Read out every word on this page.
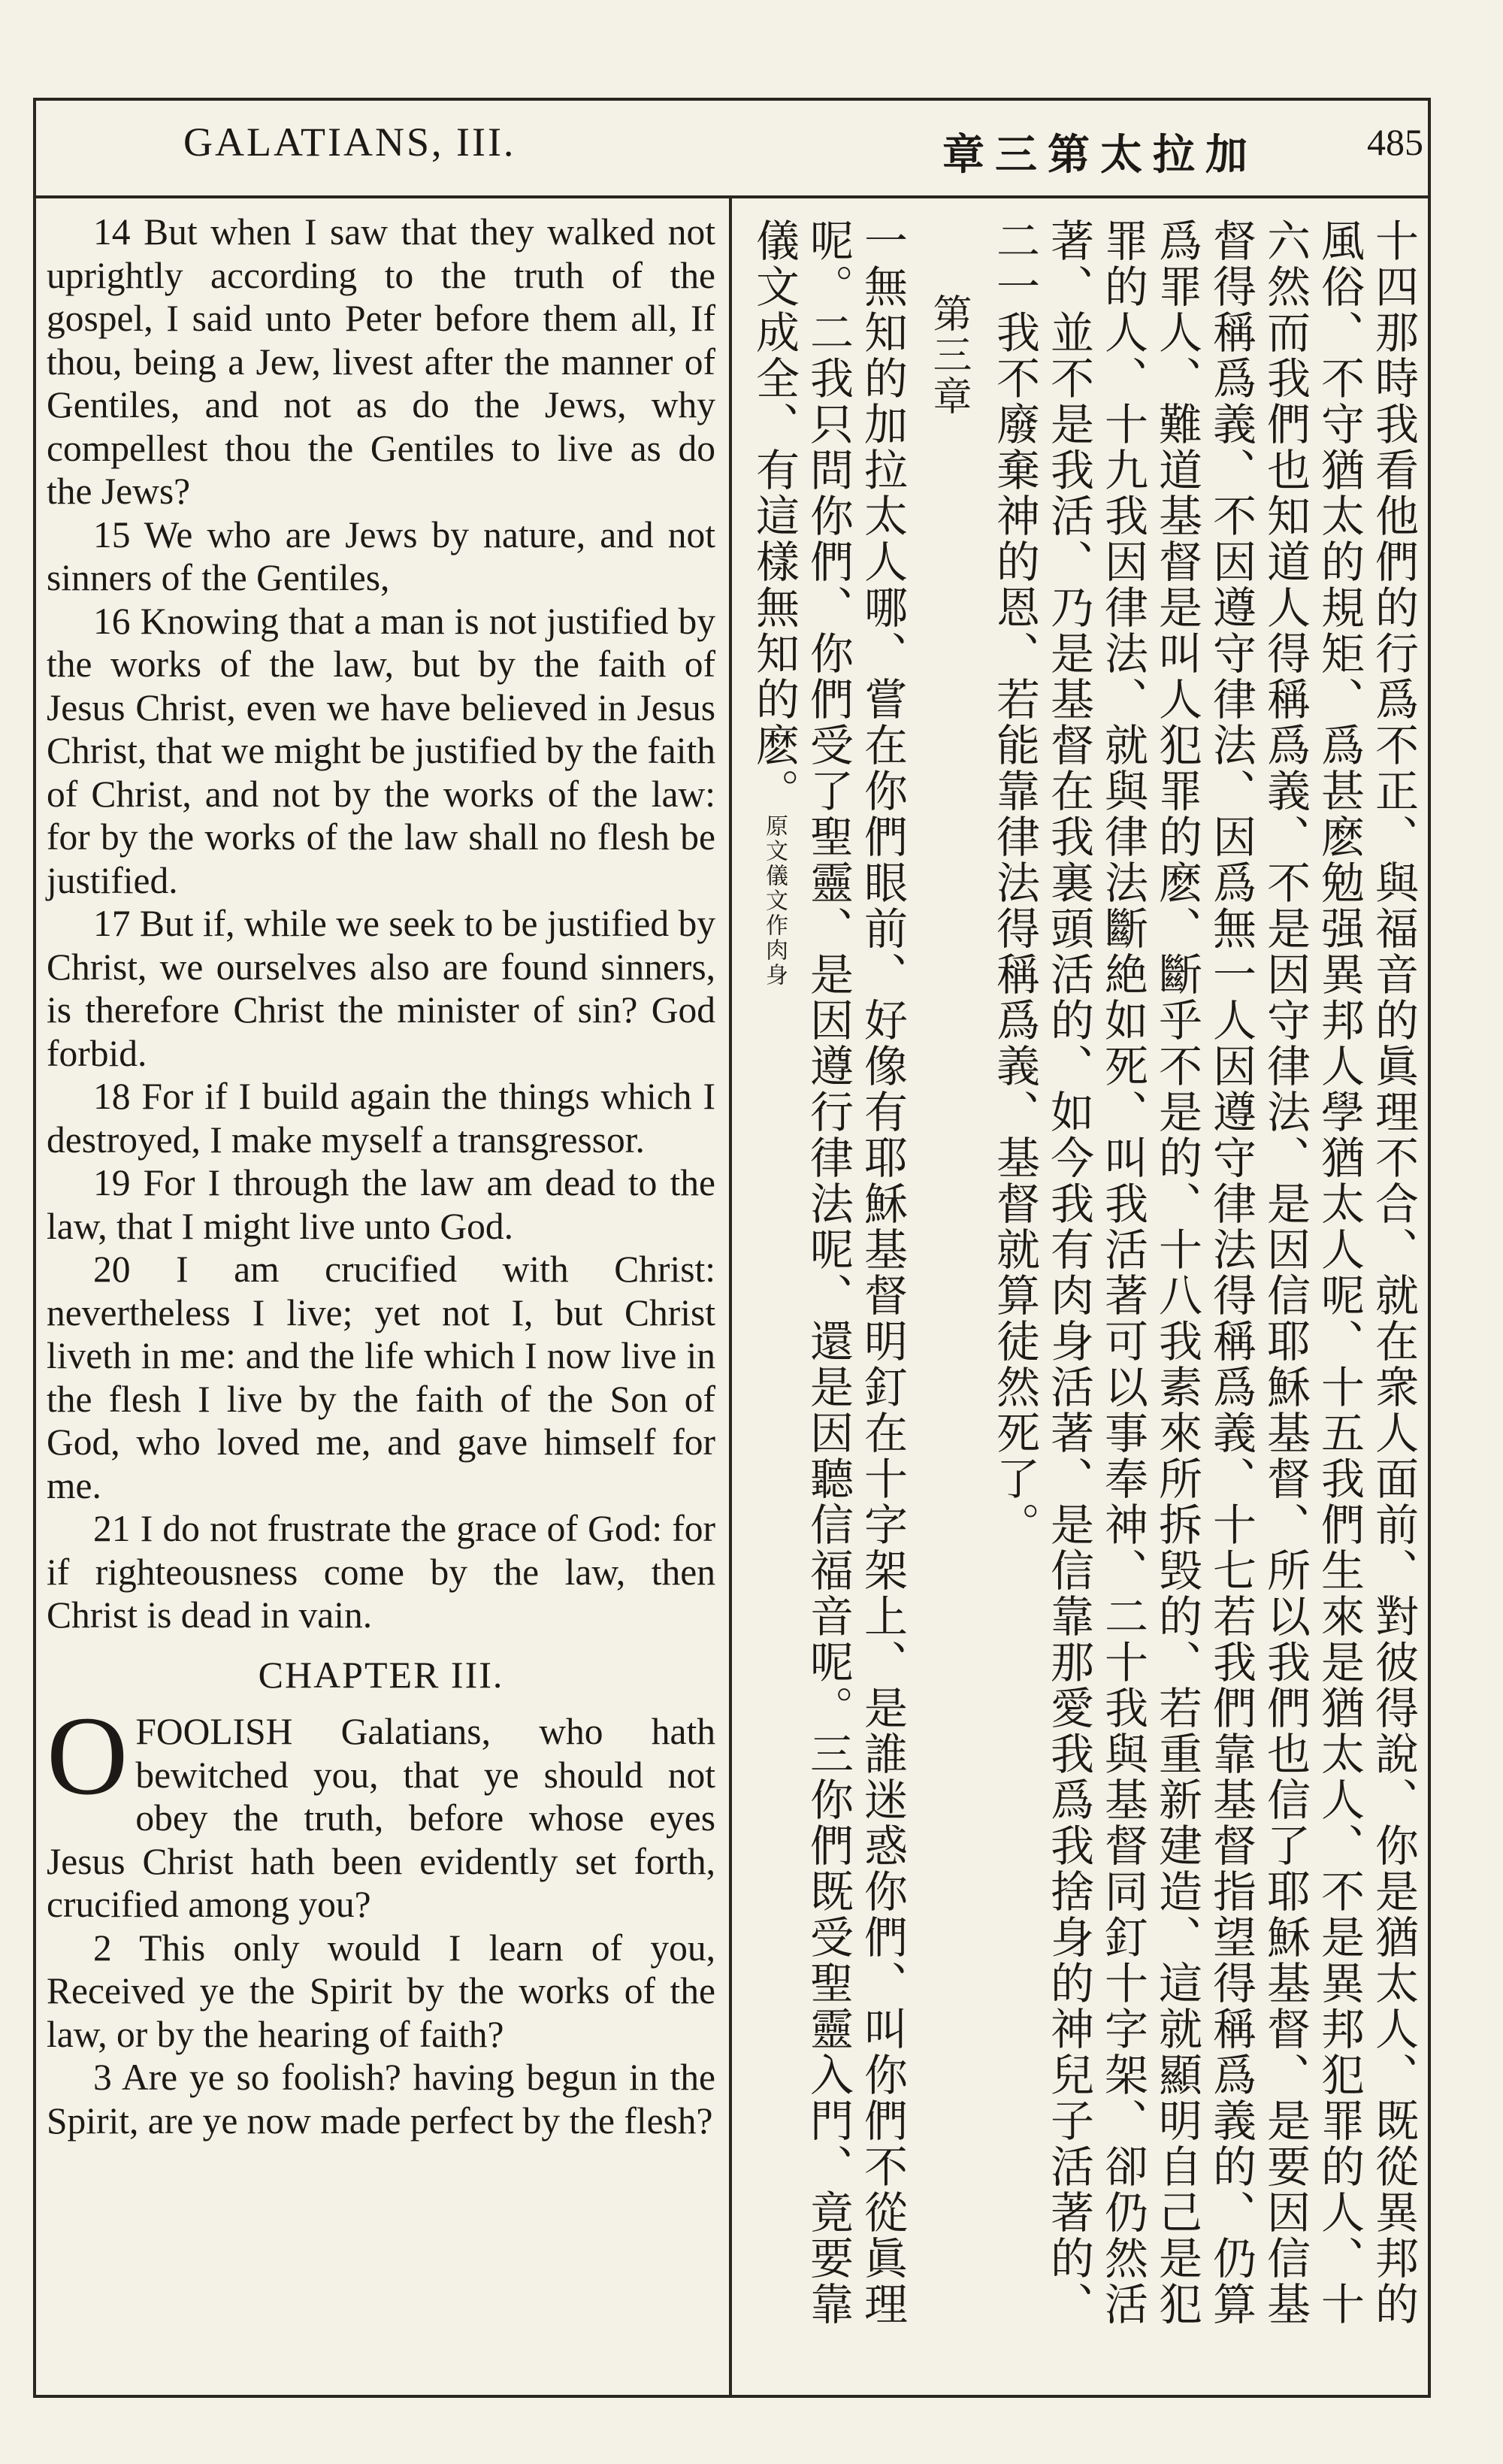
GALATIANS, III.	加拉太第三章	485

14 But when I saw that they walked not uprightly according to the truth of the gospel, I said unto Peter before them all, If thou, being a Jew, livest after the manner of Gentiles, and not as do the Jews, why compellest thou the Gentiles to live as do the Jews?

15 We who are Jews by nature, and not sinners of the Gentiles,

16 Knowing that a man is not justified by the works of the law, but by the faith of Jesus Christ, even we have believed in Jesus Christ, that we might be justified by the faith of Christ, and not by the works of the law: for by the works of the law shall no flesh be justified.

17 But if, while we seek to be justified by Christ, we ourselves also are found sinners, is therefore Christ the minister of sin? God forbid.

18 For if I build again the things which I destroyed, I make myself a transgressor.

19 For I through the law am dead to the law, that I might live unto God.

20 I am crucified with Christ: nevertheless I live; yet not I, but Christ liveth in me: and the life which I now live in the flesh I live by the faith of the Son of God, who loved me, and gave himself for me.

21 I do not frustrate the grace of God: for if righteousness come by the law, then Christ is dead in vain.

CHAPTER III.

OFOOLISH Galatians, who hath bewitched you, that ye should not obey the truth, before whose eyes Jesus Christ hath been evidently set forth, crucified among you?

2 This only would I learn of you, Received ye the Spirit by the works of the law, or by the hearing of faith?

3 Are ye so foolish? having begun in the Spirit, are ye now made perfect by the flesh?	十四那時我看他們的行爲不正、與福音的眞理不合、就在衆人面前、對彼得說、你是猶太人、既從異邦的風俗、不守猶太的規矩、爲甚麽勉强異邦人學猶太人呢、十五我們生來是猶太人、不是異邦犯罪的人、十六然而我們也知道人得稱爲義、不是因守律法、是因信耶穌基督、所以我們也信了耶穌基督、是要因信基督得稱爲義、不因遵守律法、因爲無一人因遵守律法得稱爲義、十七若我們靠基督指望得稱爲義的、仍算爲罪人、難道基督是叫人犯罪的麽、斷乎不是的、十八我素來所拆毁的、若重新建造、這就顯明自己是犯罪的人、十九我因律法、就與律法斷絶如死、叫我活著可以事奉神、二十我與基督同釘十字架、卻仍然活著、並不是我活、乃是基督在我裏頭活的、如今我有肉身活著、是信靠那愛我爲我捨身的神兒子活著的、二一我不廢棄神的恩、若能靠律法得稱爲義、基督就算徒然死了。

第三章

一無知的加拉太人哪、嘗在你們眼前、好像有耶穌基督明釘在十字架上、是誰迷惑你們、叫你們不從眞理呢。二我只問你們、你們受了聖靈、是因遵行律法呢、還是因聽信福音呢。三你們既受聖靈入門、竟要靠儀文成全、有這樣無知的麽。原文儀文作肉身
